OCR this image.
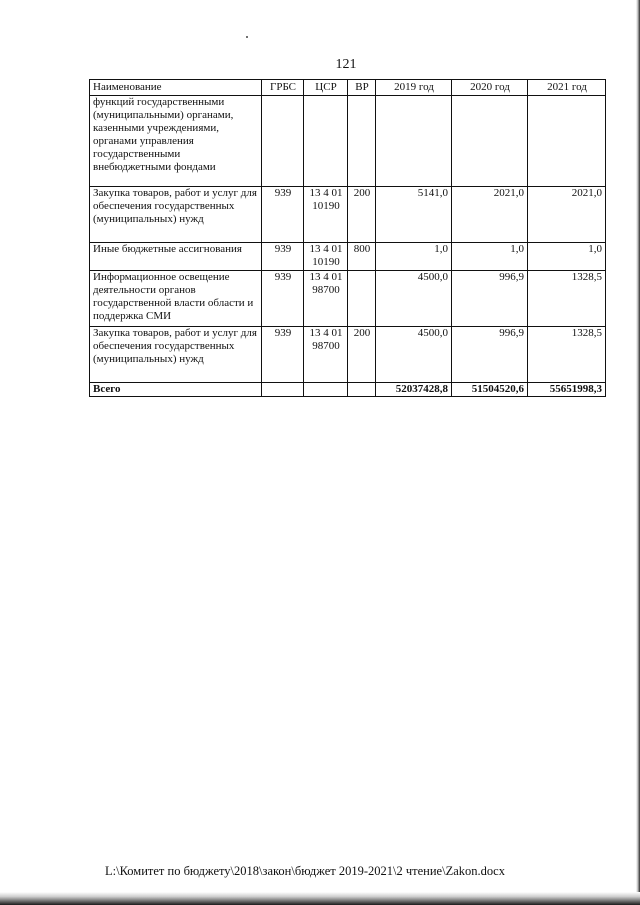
121
Наименование	ГРБС	ЦСР	ВР	2019 год	2020 год	2021 год
функций государственными (муниципальными) органами, казенными учреждениями, органами управления государственными внебюджетными фондами						
Закупка товаров, работ и услуг для обеспечения государственных (муниципальных) нужд	939	13 4 01 10190	200	5141,0	2021,0	2021,0
Иные бюджетные ассигнования	939	13 4 01 10190	800	1,0	1,0	1,0
Информационное освещение деятельности органов государственной власти области и поддержка СМИ	939	13 4 01 98700		4500,0	996,9	1328,5
Закупка товаров, работ и услуг для обеспечения государственных (муниципальных) нужд	939	13 4 01 98700	200	4500,0	996,9	1328,5
Всего				52037428,8	51504520,6	55651998,3
L:\Комитет по бюджету\2018\закон\бюджет 2019-2021\2 чтение\Zakon.docx
